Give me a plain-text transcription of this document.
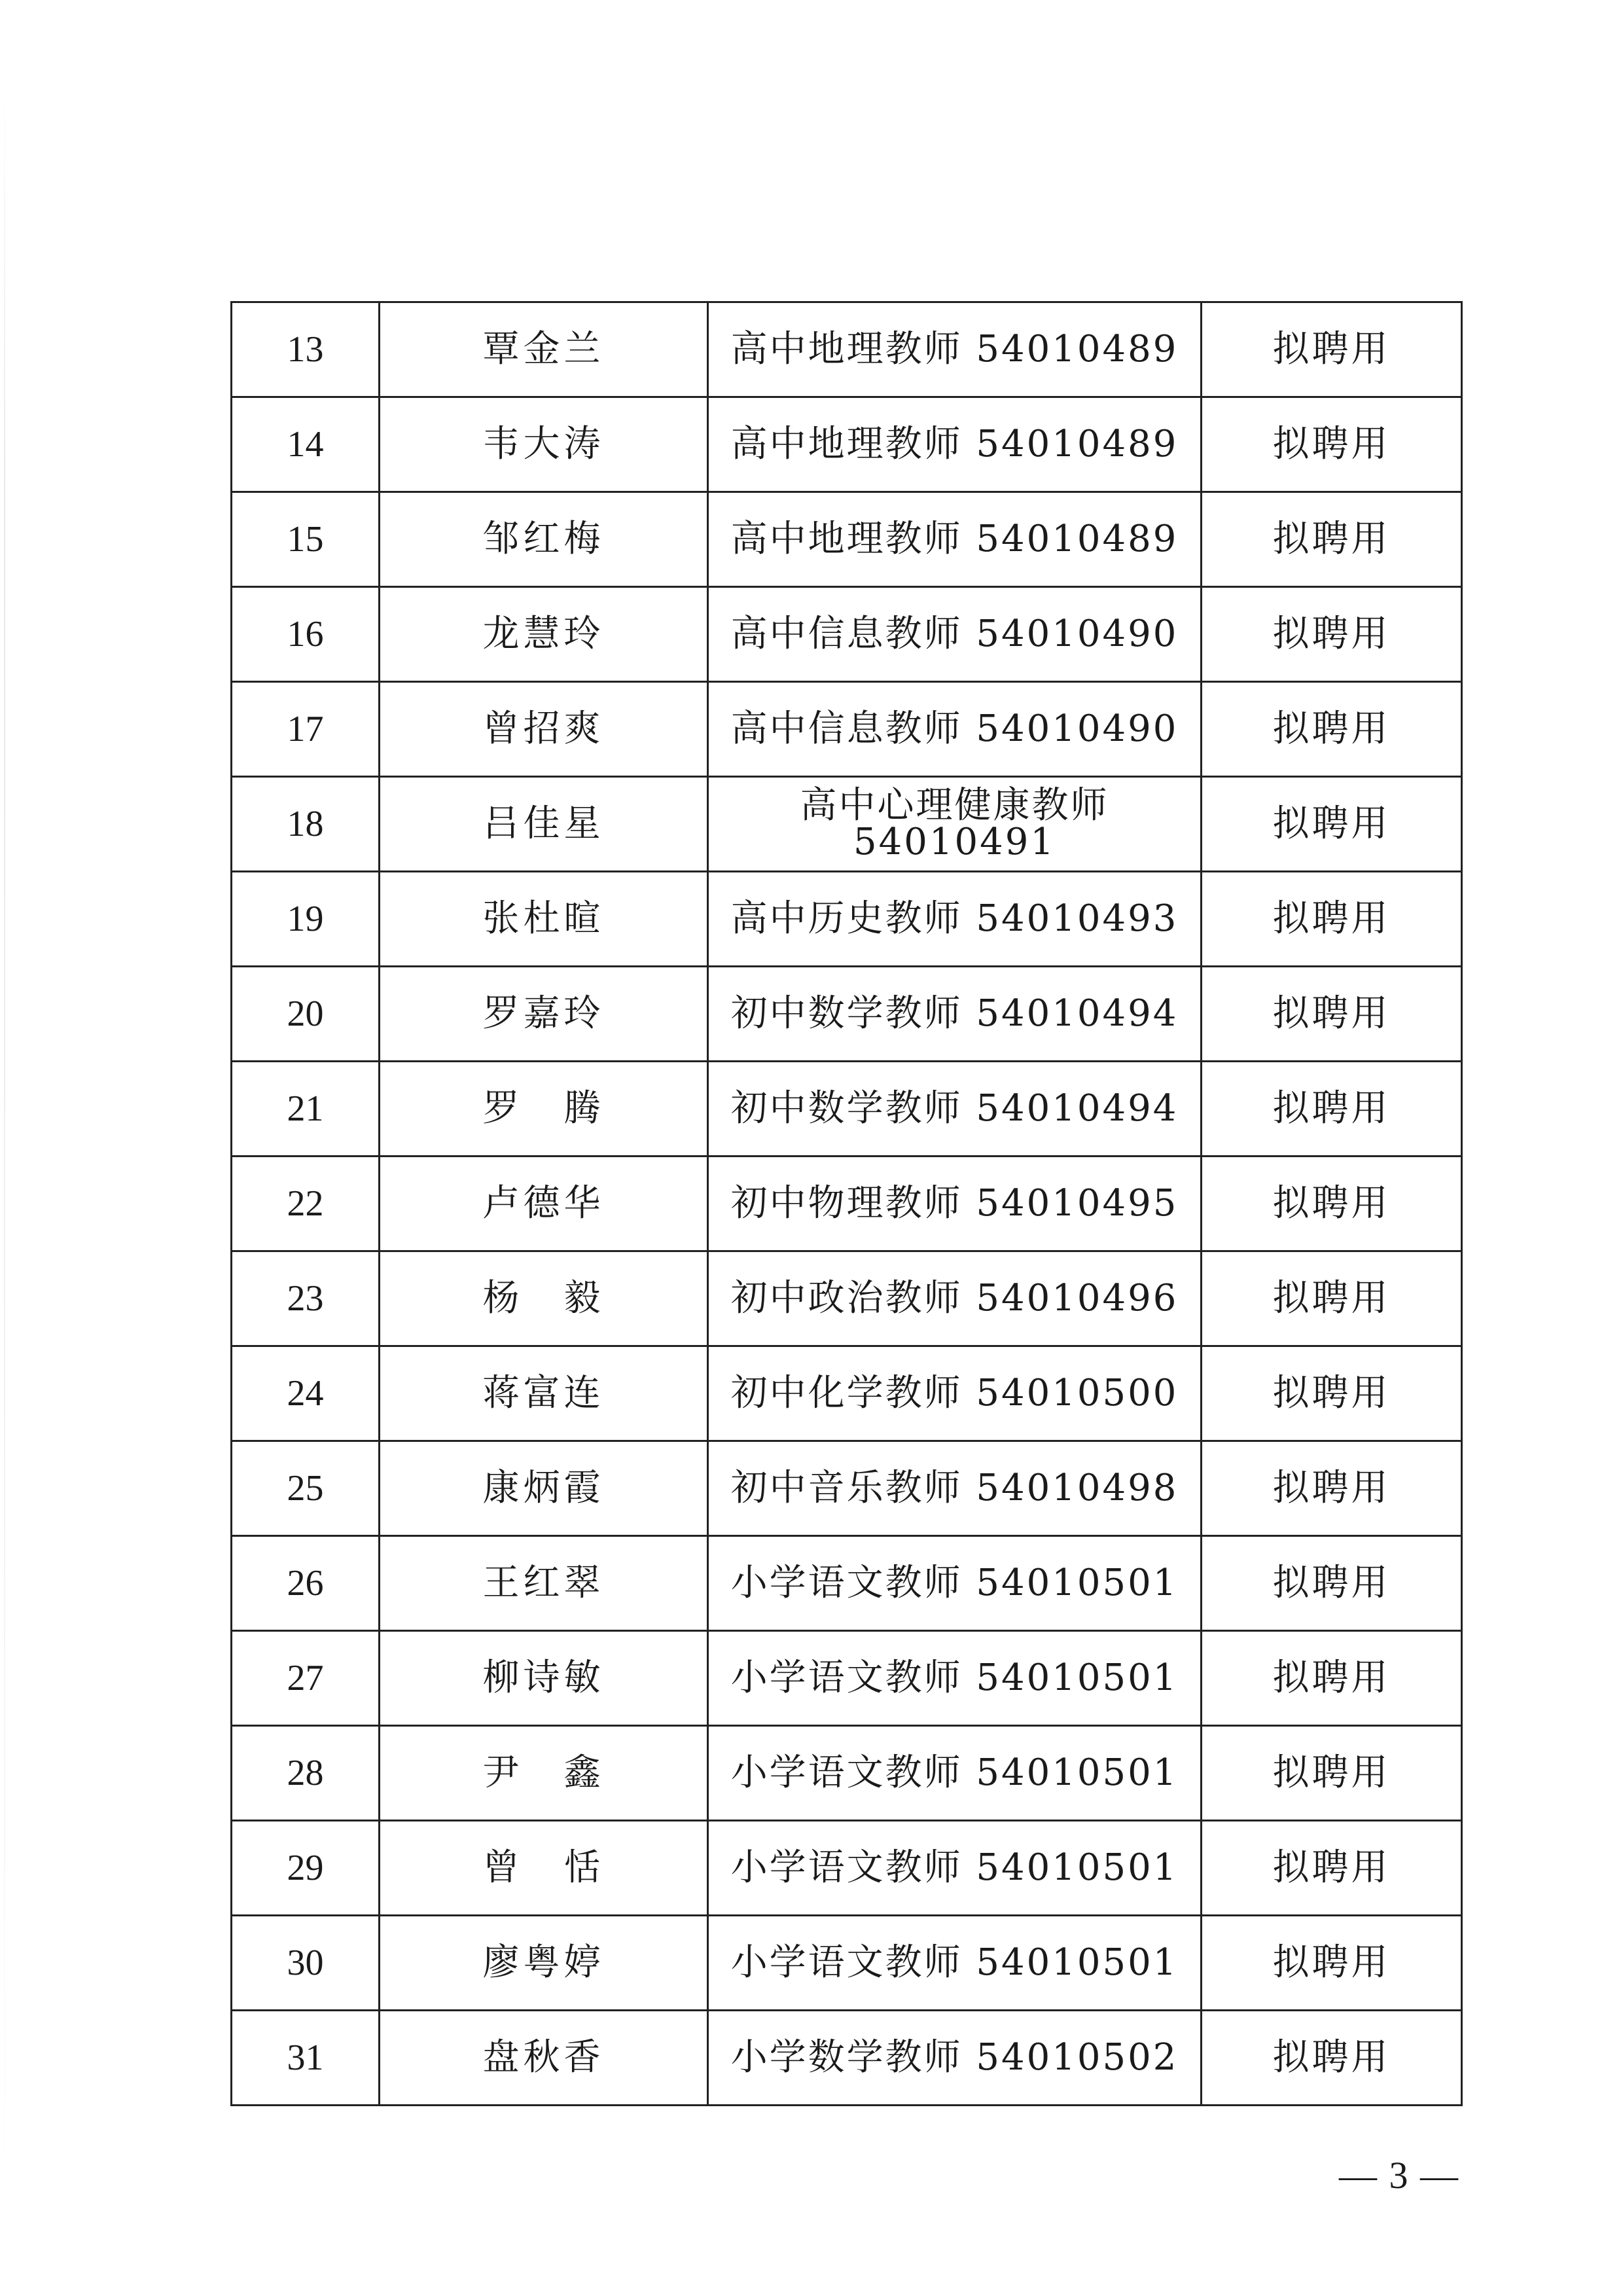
13	覃金兰	高中地理教师 54010489	拟聘用
14	韦大涛	高中地理教师 54010489	拟聘用
15	邹红梅	高中地理教师 54010489	拟聘用
16	龙慧玲	高中信息教师 54010490	拟聘用
17	曾招爽	高中信息教师 54010490	拟聘用
18	吕佳星	高中心理健康教师 54010491	拟聘用
19	张杜暄	高中历史教师 54010493	拟聘用
20	罗嘉玲	初中数学教师 54010494	拟聘用
21	罗　腾	初中数学教师 54010494	拟聘用
22	卢德华	初中物理教师 54010495	拟聘用
23	杨　毅	初中政治教师 54010496	拟聘用
24	蒋富连	初中化学教师 54010500	拟聘用
25	康炳霞	初中音乐教师 54010498	拟聘用
26	王红翠	小学语文教师 54010501	拟聘用
27	柳诗敏	小学语文教师 54010501	拟聘用
28	尹　鑫	小学语文教师 54010501	拟聘用
29	曾　恬	小学语文教师 54010501	拟聘用
30	廖粤婷	小学语文教师 54010501	拟聘用
31	盘秋香	小学数学教师 54010502	拟聘用
— 3 —
